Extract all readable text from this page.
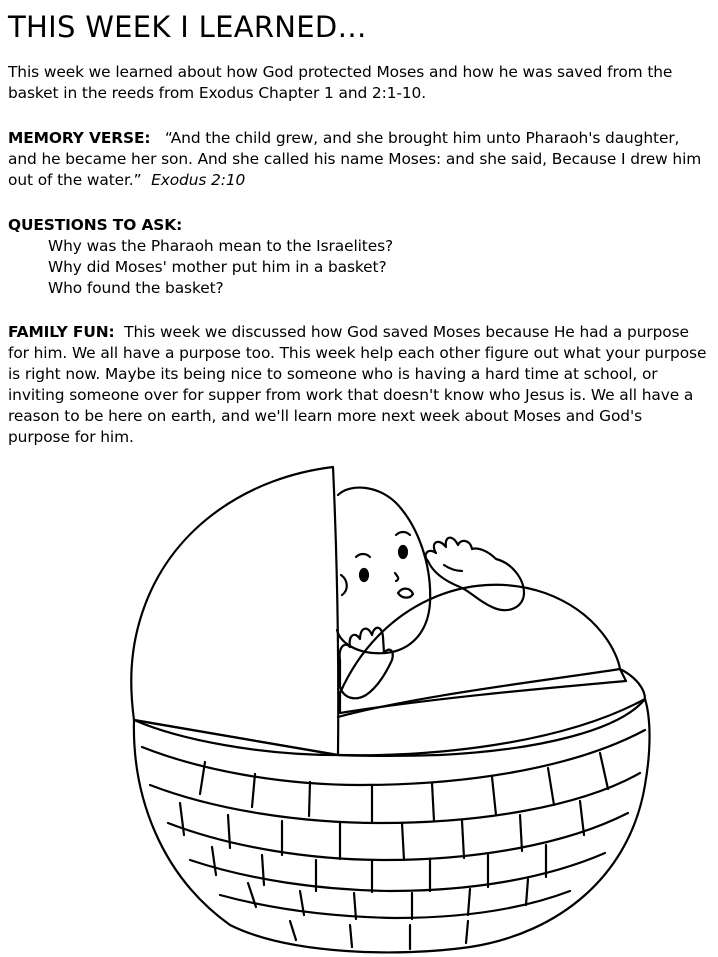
THIS WEEK I LEARNED…
This week we learned about how God protected Moses and how he was saved from the basket in the reeds from Exodus Chapter 1 and 2:1-10.
MEMORY VERSE: “And the child grew, and she brought him unto Pharaoh's daughter, and he became her son. And she called his name Moses: and she said, Because I drew him out of the water.” Exodus 2:10
QUESTIONS TO ASK:
Why was the Pharaoh mean to the Israelites?
Why did Moses' mother put him in a basket?
Who found the basket?
FAMILY FUN: This week we discussed how God saved Moses because He had a purpose for him. We all have a purpose too. This week help each other figure out what your purpose is right now. Maybe its being nice to someone who is having a hard time at school, or inviting someone over for supper from work that doesn't know who Jesus is. We all have a reason to be here on earth, and we'll learn more next week about Moses and God's purpose for him.
